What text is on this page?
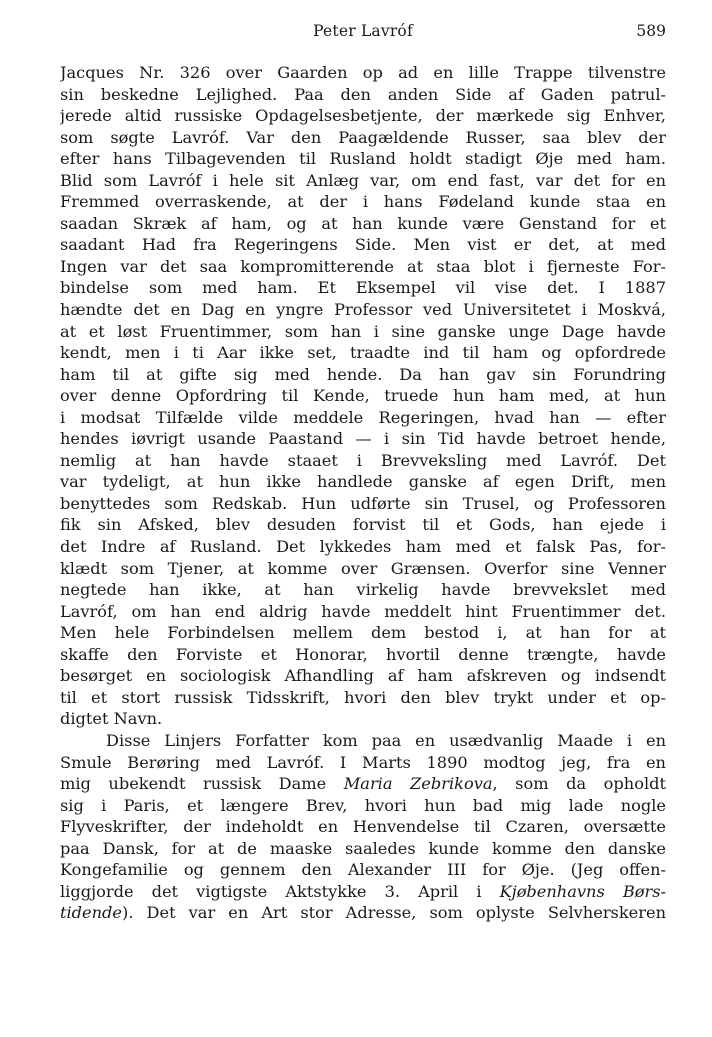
Peter Lavróf	589
Jacques Nr. 326 over Gaarden op ad en lille Trappe tilvenstre
sin beskedne Lejlighed. Paa den anden Side af Gaden patrul-
jerede altid russiske Opdagelsesbetjente, der mærkede sig Enhver,
som søgte Lavróf. Var den Paagældende Russer, saa blev der
efter hans Tilbagevenden til Rusland holdt stadigt Øje med ham.
Blid som Lavróf i hele sit Anlæg var, om end fast, var det for en
Fremmed overraskende, at der i hans Fødeland kunde staa en
saadan Skræk af ham, og at han kunde være Genstand for et
saadant Had fra Regeringens Side. Men vist er det, at med
Ingen var det saa kompromitterende at staa blot i fjerneste For-
bindelse som med ham. Et Eksempel vil vise det. I 1887
hændte det en Dag en yngre Professor ved Universitetet i Moskvá,
at et løst Fruentimmer, som han i sine ganske unge Dage havde
kendt, men i ti Aar ikke set, traadte ind til ham og opfordrede
ham til at gifte sig med hende. Da han gav sin Forundring
over denne Opfordring til Kende, truede hun ham med, at hun
i modsat Tilfælde vilde meddele Regeringen, hvad han — efter
hendes iøvrigt usande Paastand — i sin Tid havde betroet hende,
nemlig at han havde staaet i Brevveksling med Lavróf. Det
var tydeligt, at hun ikke handlede ganske af egen Drift, men
benyttedes som Redskab. Hun udførte sin Trusel, og Professoren
fik sin Afsked, blev desuden forvist til et Gods, han ejede i
det Indre af Rusland. Det lykkedes ham med et falsk Pas, for-
klædt som Tjener, at komme over Grænsen. Overfor sine Venner
negtede han ikke, at han virkelig havde brevvekslet med
Lavróf, om han end aldrig havde meddelt hint Fruentimmer det.
Men hele Forbindelsen mellem dem bestod i, at han for at
skaffe den Forviste et Honorar, hvortil denne trængte, havde
besørget en sociologisk Afhandling af ham afskreven og indsendt
til et stort russisk Tidsskrift, hvori den blev trykt under et op-
digtet Navn.
Disse Linjers Forfatter kom paa en usædvanlig Maade i en
Smule Berøring med Lavróf. I Marts 1890 modtog jeg, fra en
mig ubekendt russisk Dame Maria Zebrikova, som da opholdt
sig i Paris, et længere Brev, hvori hun bad mig lade nogle
Flyveskrifter, der indeholdt en Henvendelse til Czaren, oversætte
paa Dansk, for at de maaske saaledes kunde komme den danske
Kongefamilie og gennem den Alexander III for Øje. (Jeg offen-
liggjorde det vigtigste Aktstykke 3. April i Kjøbenhavns Børs-
tidende). Det var en Art stor Adresse, som oplyste Selvherskeren
